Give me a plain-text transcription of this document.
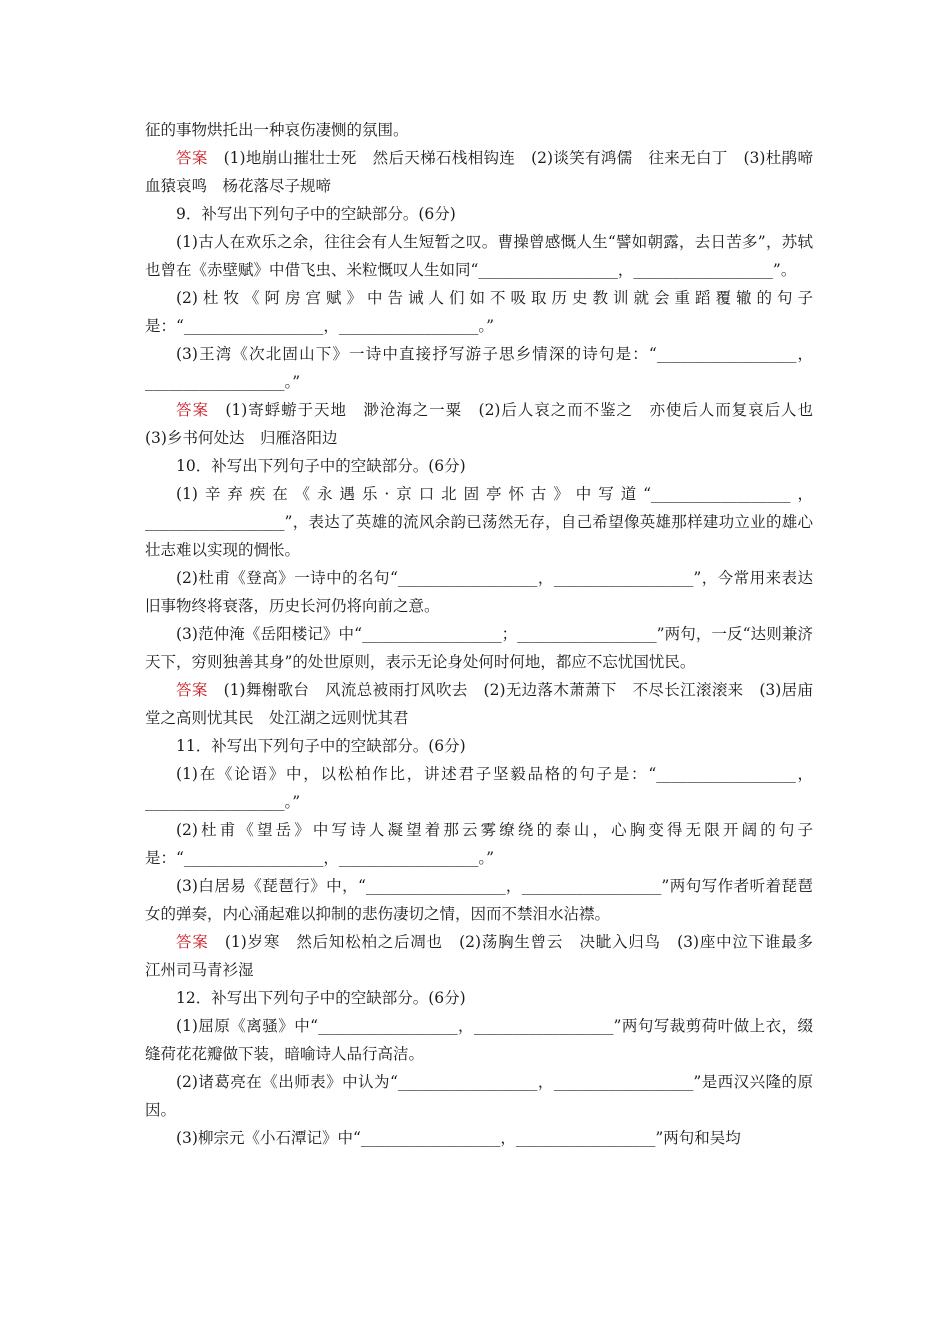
征的事物烘托出一种哀伤凄恻的氛围。

答案　 (1)地崩山摧壮士死　然后天梯石栈相钩连　(2)谈笑有鸿儒　往来无白丁　(3)杜鹃啼血猿哀鸣　杨花落尽子规啼

9．补写出下列句子中的空缺部分。(6分)

(1)古人在欢乐之余，往往会有人生短暂之叹。曹操曾感慨人生“譬如朝露，去日苦多”，苏轼也曾在《赤壁赋》中借飞虫、米粒慨叹人生如同“__________________，__________________”。

(2)杜牧《阿房宫赋》中告诫人们如不吸取历史教训就会重蹈覆辙的句子是：“__________________，__________________。”

(3)王湾《次北固山下》一诗中直接抒写游子思乡情深的诗句是：“__________________，__________________。”

答案　 (1)寄蜉蝣于天地　渺沧海之一粟　(2)后人哀之而不鉴之　亦使后人而复哀后人也　(3)乡书何处达　归雁洛阳边

10．补写出下列句子中的空缺部分。(6分)

(1)辛弃疾在《永遇乐·京口北固亭怀古》中写道“__________________，__________________”，表达了英雄的流风余韵已荡然无存，自己希望像英雄那样建功立业的雄心壮志难以实现的惆怅。

(2)杜甫《登高》一诗中的名句“__________________，__________________”，今常用来表达旧事物终将衰落，历史长河仍将向前之意。

(3)范仲淹《岳阳楼记》中“__________________；__________________”两句，一反“达则兼济天下，穷则独善其身”的处世原则，表示无论身处何时何地，都应不忘忧国忧民。

答案　 (1)舞榭歌台　风流总被雨打风吹去　(2)无边落木萧萧下　不尽长江滚滚来　(3)居庙堂之高则忧其民　处江湖之远则忧其君

11．补写出下列句子中的空缺部分。(6分)

(1)在《论语》中，以松柏作比，讲述君子坚毅品格的句子是：“__________________，__________________。”

(2)杜甫《望岳》中写诗人凝望着那云雾缭绕的泰山，心胸变得无限开阔的句子是：“__________________，__________________。”

(3)白居易《琵琶行》中，“__________________，__________________”两句写作者听着琵琶女的弹奏，内心涌起难以抑制的悲伤凄切之情，因而不禁泪水沾襟。

答案　 (1)岁寒　然后知松柏之后凋也　(2)荡胸生曾云　决眦入归鸟　(3)座中泣下谁最多　江州司马青衫湿

12．补写出下列句子中的空缺部分。(6分)

(1)屈原《离骚》中“__________________，__________________”两句写裁剪荷叶做上衣，缀缝荷花花瓣做下装，暗喻诗人品行高洁。

(2)诸葛亮在《出师表》中认为“__________________，__________________”是西汉兴隆的原因。

(3)柳宗元《小石潭记》中“__________________，__________________”两句和吴均
